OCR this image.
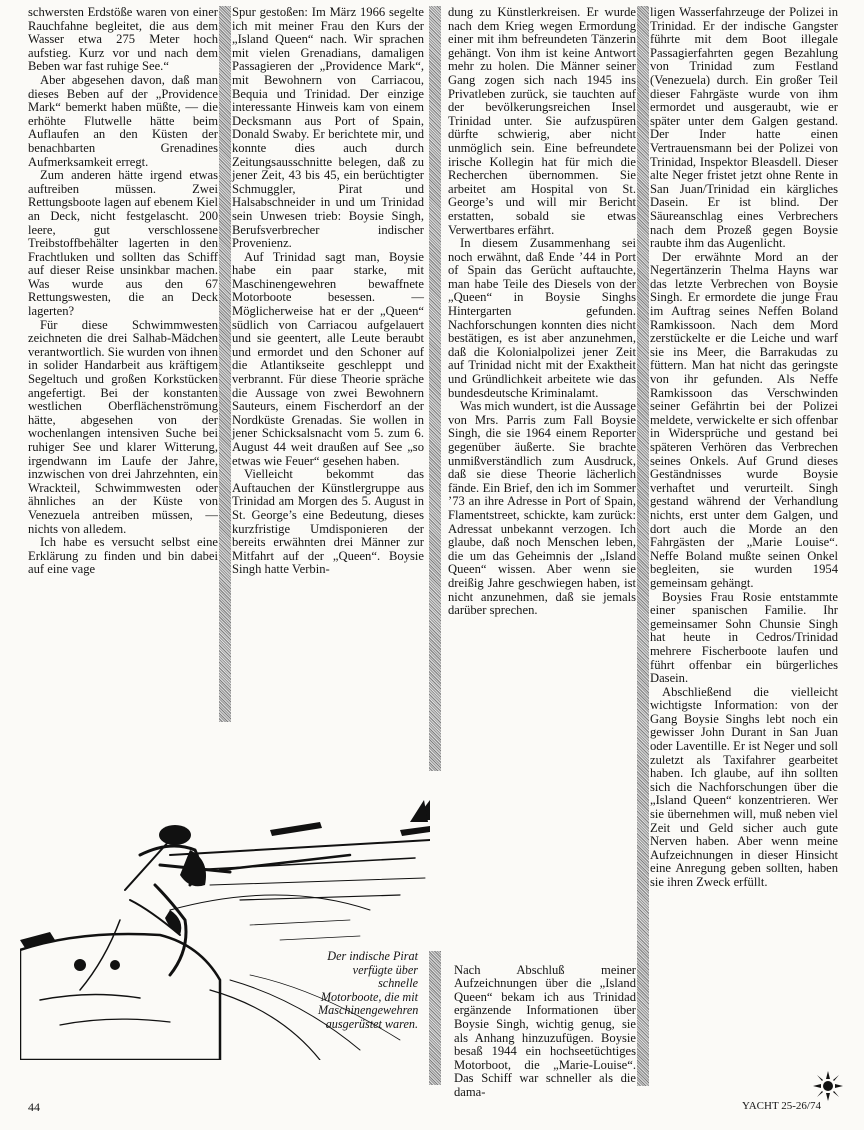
schwersten Erdstöße waren von einer Rauchfahne begleitet, die aus dem Wasser etwa 275 Meter hoch aufstieg. Kurz vor und nach dem Beben war fast ruhige See.“

Aber abgesehen davon, daß man dieses Beben auf der „Providence Mark“ bemerkt haben müßte, — die erhöhte Flutwelle hätte beim Auflaufen an den Küsten der benachbarten Grenadines Aufmerksamkeit erregt.

Zum anderen hätte irgend etwas auftreiben müssen. Zwei Rettungsboote lagen auf ebenem Kiel an Deck, nicht festgelascht. 200 leere, gut verschlossene Treibstoffbehälter lagerten in den Frachtluken und sollten das Schiff auf dieser Reise unsinkbar machen. Was wurde aus den 67 Rettungswesten, die an Deck lagerten?

Für diese Schwimmwesten zeichneten die drei Salhab-Mädchen verantwortlich. Sie wurden von ihnen in solider Handarbeit aus kräftigem Segeltuch und großen Korkstücken angefertigt. Bei der konstanten westlichen Oberflächenströmung hätte, abgesehen von der wochenlangen intensiven Suche bei ruhiger See und klarer Witterung, irgendwann im Laufe der Jahre, inzwischen von drei Jahrzehnten, ein Wrackteil, Schwimmwesten oder ähnliches an der Küste von Venezuela antreiben müssen, — nichts von alledem.

Ich habe es versucht selbst eine Erklärung zu finden und bin dabei auf eine vage

Spur gestoßen: Im März 1966 segelte ich mit meiner Frau den Kurs der „Island Queen“ nach. Wir sprachen mit vielen Grenadians, damaligen Passagieren der „Providence Mark“, mit Bewohnern von Carriacou, Bequia und Trinidad. Der einzige interessante Hinweis kam von einem Decksmann aus Port of Spain, Donald Swaby. Er berichtete mir, und konnte dies auch durch Zeitungsausschnitte belegen, daß zu jener Zeit, 43 bis 45, ein berüchtigter Schmuggler, Pirat und Halsabschneider in und um Trinidad sein Unwesen trieb: Boysie Singh, Berufsverbrecher indischer Provenienz.

Auf Trinidad sagt man, Boysie habe ein paar starke, mit Maschinengewehren bewaffnete Motorboote besessen. — Möglicherweise hat er der „Queen“ südlich von Carriacou aufgelauert und sie geentert, alle Leute beraubt und ermordet und den Schoner auf die Atlantikseite geschleppt und verbrannt. Für diese Theorie spräche die Aussage von zwei Bewohnern Sauteurs, einem Fischerdorf an der Nordküste Grenadas. Sie wollen in jener Schicksalsnacht vom 5. zum 6. August 44 weit draußen auf See „so etwas wie Feuer“ gesehen haben.

Vielleicht bekommt das Auftauchen der Künstlergruppe aus Trinidad am Morgen des 5. August in St. George’s eine Bedeutung, dieses kurzfristige Umdisponieren der bereits erwähnten drei Männer zur Mitfahrt auf der „Queen“. Boysie Singh hatte Verbin-

dung zu Künstlerkreisen. Er wurde nach dem Krieg wegen Ermordung einer mit ihm befreundeten Tänzerin gehängt. Von ihm ist keine Antwort mehr zu holen. Die Männer seiner Gang zogen sich nach 1945 ins Privatleben zurück, sie tauchten auf der bevölkerungsreichen Insel Trinidad unter. Sie aufzuspüren dürfte schwierig, aber nicht unmöglich sein. Eine befreundete irische Kollegin hat für mich die Recherchen übernommen. Sie arbeitet am Hospital von St. George’s und will mir Bericht erstatten, sobald sie etwas Verwertbares erfährt.

In diesem Zusammenhang sei noch erwähnt, daß Ende ’44 in Port of Spain das Gerücht auftauchte, man habe Teile des Diesels von der „Queen“ in Boysie Singhs Hintergarten gefunden. Nachforschungen konnten dies nicht bestätigen, es ist aber anzunehmen, daß die Kolonialpolizei jener Zeit auf Trinidad nicht mit der Exaktheit und Gründlichkeit arbeitete wie das bundesdeutsche Kriminalamt.

Was mich wundert, ist die Aussage von Mrs. Parris zum Fall Boysie Singh, die sie 1964 einem Reporter gegenüber äußerte. Sie brachte unmißverständlich zum Ausdruck, daß sie diese Theorie lächerlich fände. Ein Brief, den ich im Sommer ’73 an ihre Adresse in Port of Spain, Flamentstreet, schickte, kam zurück: Adressat unbekannt verzogen. Ich glaube, daß noch Menschen leben, die um das Geheimnis der „Island Queen“ wissen. Aber wenn sie dreißig Jahre geschwiegen haben, ist nicht anzunehmen, daß sie jemals darüber sprechen.

Der indische Pirat verfügte über schnelle Motorboote, die mit Maschinengewehren ausgerüstet waren.

Nach Abschluß meiner Aufzeichnungen über die „Island Queen“ bekam ich aus Trinidad ergänzende Informationen über Boysie Singh, wichtig genug, sie als Anhang hinzuzufügen. Boysie besaß 1944 ein hochseetüchtiges Motorboot, die „Marie-Louise“. Das Schiff war schneller als die dama-

ligen Wasserfahrzeuge der Polizei in Trinidad. Er der indische Gangster führte mit dem Boot illegale Passagierfahrten gegen Bezahlung von Trinidad zum Festland (Venezuela) durch. Ein großer Teil dieser Fahrgäste wurde von ihm ermordet und ausgeraubt, wie er später unter dem Galgen gestand. Der Inder hatte einen Vertrauensmann bei der Polizei von Trinidad, Inspektor Bleasdell. Dieser alte Neger fristet jetzt ohne Rente in San Juan/Trinidad ein kärgliches Dasein. Er ist blind. Der Säureanschlag eines Verbrechers nach dem Prozeß gegen Boysie raubte ihm das Augenlicht.

Der erwähnte Mord an der Negertänzerin Thelma Hayns war das letzte Verbrechen von Boysie Singh. Er ermordete die junge Frau im Auftrag seines Neffen Boland Ramkissoon. Nach dem Mord zerstückelte er die Leiche und warf sie ins Meer, die Barrakudas zu füttern. Man hat nicht das geringste von ihr gefunden. Als Neffe Ramkissoon das Verschwinden seiner Gefährtin bei der Polizei meldete, verwickelte er sich offenbar in Widersprüche und gestand bei späteren Verhören das Verbrechen seines Onkels. Auf Grund dieses Geständnisses wurde Boysie verhaftet und verurteilt. Singh gestand während der Verhandlung nichts, erst unter dem Galgen, und dort auch die Morde an den Fahrgästen der „Marie Louise“. Neffe Boland mußte seinen Onkel begleiten, sie wurden 1954 gemeinsam gehängt.

Boysies Frau Rosie entstammte einer spanischen Familie. Ihr gemeinsamer Sohn Chunsie Singh hat heute in Cedros/Trinidad mehrere Fischerboote laufen und führt offenbar ein bürgerliches Dasein.

Abschließend die vielleicht wichtigste Information: von der Gang Boysie Singhs lebt noch ein gewisser John Durant in San Juan oder Laventille. Er ist Neger und soll zuletzt als Taxifahrer gearbeitet haben. Ich glaube, auf ihn sollten sich die Nachforschungen über die „Island Queen“ konzentrieren. Wer sie übernehmen will, muß neben viel Zeit und Geld sicher auch gute Nerven haben. Aber wenn meine Aufzeichnungen in dieser Hinsicht eine Anregung geben sollten, haben sie ihren Zweck erfüllt.

44	YACHT 25-26/74
